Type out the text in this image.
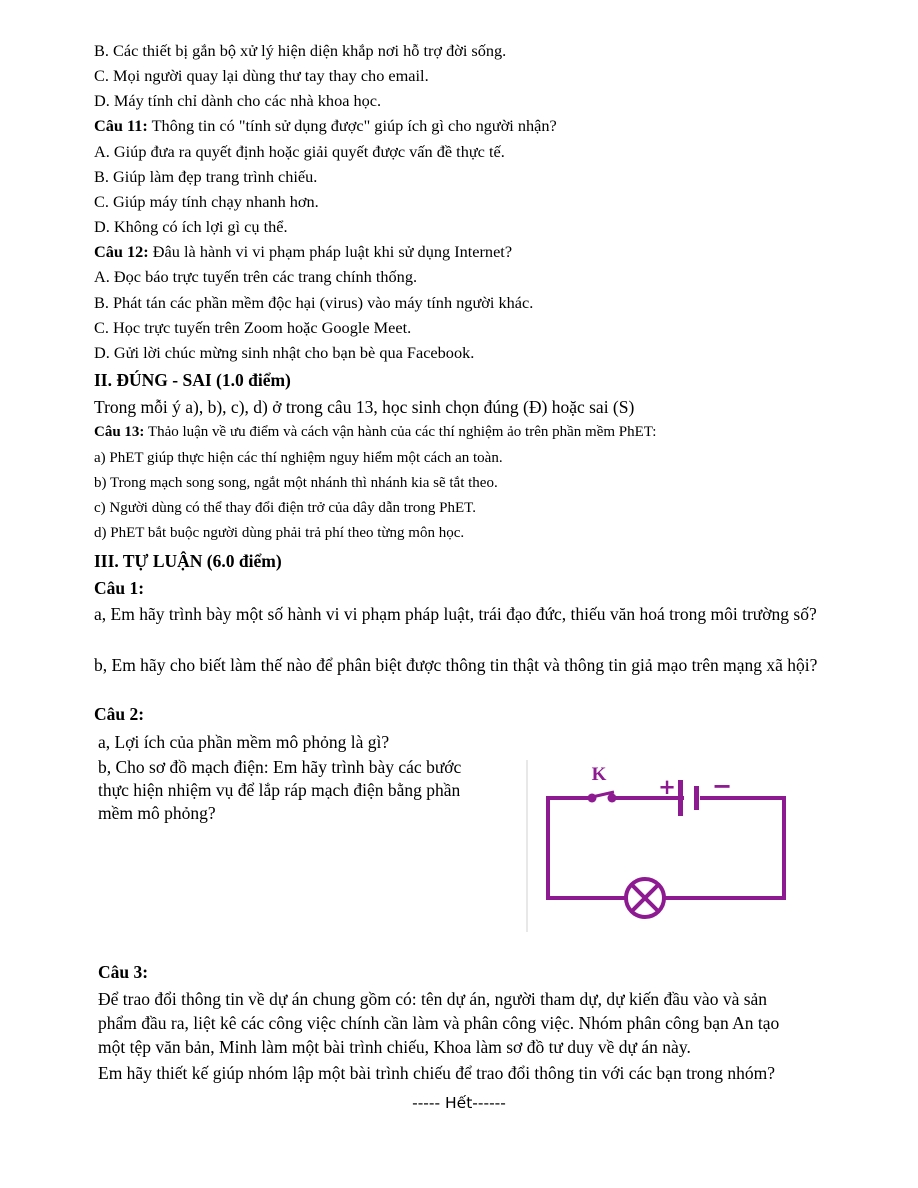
B. Các thiết bị gắn bộ xử lý hiện diện khắp nơi hỗ trợ đời sống.
C. Mọi người quay lại dùng thư tay thay cho email.
D. Máy tính chỉ dành cho các nhà khoa học.
Câu 11: Thông tin có "tính sử dụng được" giúp ích gì cho người nhận?
A. Giúp đưa ra quyết định hoặc giải quyết được vấn đề thực tế.
B. Giúp làm đẹp trang trình chiếu.
C. Giúp máy tính chạy nhanh hơn.
D. Không có ích lợi gì cụ thể.
Câu 12: Đâu là hành vi vi phạm pháp luật khi sử dụng Internet?
A. Đọc báo trực tuyến trên các trang chính thống.
B. Phát tán các phần mềm độc hại (virus) vào máy tính người khác.
C. Học trực tuyến trên Zoom hoặc Google Meet.
D. Gửi lời chúc mừng sinh nhật cho bạn bè qua Facebook.
II. ĐÚNG - SAI (1.0 điểm)
Trong mỗi ý a), b), c), d) ở trong câu 13, học sinh chọn đúng (Đ) hoặc sai (S)
Câu 13: Thảo luận về ưu điểm và cách vận hành của các thí nghiệm ảo trên phần mềm PhET:
a) PhET giúp thực hiện các thí nghiệm nguy hiểm một cách an toàn.
b) Trong mạch song song, ngắt một nhánh thì nhánh kia sẽ tắt theo.
c) Người dùng có thể thay đổi điện trở của dây dẫn trong PhET.
d) PhET bắt buộc người dùng phải trả phí theo từng môn học.
III. TỰ LUẬN (6.0 điểm)
Câu 1:
a, Em hãy trình bày một số hành vi vi phạm pháp luật, trái đạo đức, thiếu văn hoá trong môi trường số?
b, Em hãy cho biết làm thế nào để phân biệt được thông tin thật và thông tin giả mạo trên mạng xã hội?
Câu 2:
a, Lợi ích của phần mềm mô phỏng là gì?
b, Cho sơ đồ mạch điện: Em hãy trình bày các bước
thực hiện nhiệm vụ để lắp ráp mạch điện bằng phần
mềm mô phỏng?
K
+ −
Câu 3:
Để trao đổi thông tin về dự án chung gồm có: tên dự án, người tham dự, dự kiến đầu vào và sản
phẩm đầu ra, liệt kê các công việc chính cần làm và phân công việc. Nhóm phân công bạn An tạo
một tệp văn bản, Minh làm một bài trình chiếu, Khoa làm sơ đồ tư duy về dự án này.
Em hãy thiết kế giúp nhóm lập một bài trình chiếu để trao đổi thông tin với các bạn trong nhóm?
----- Hết------
